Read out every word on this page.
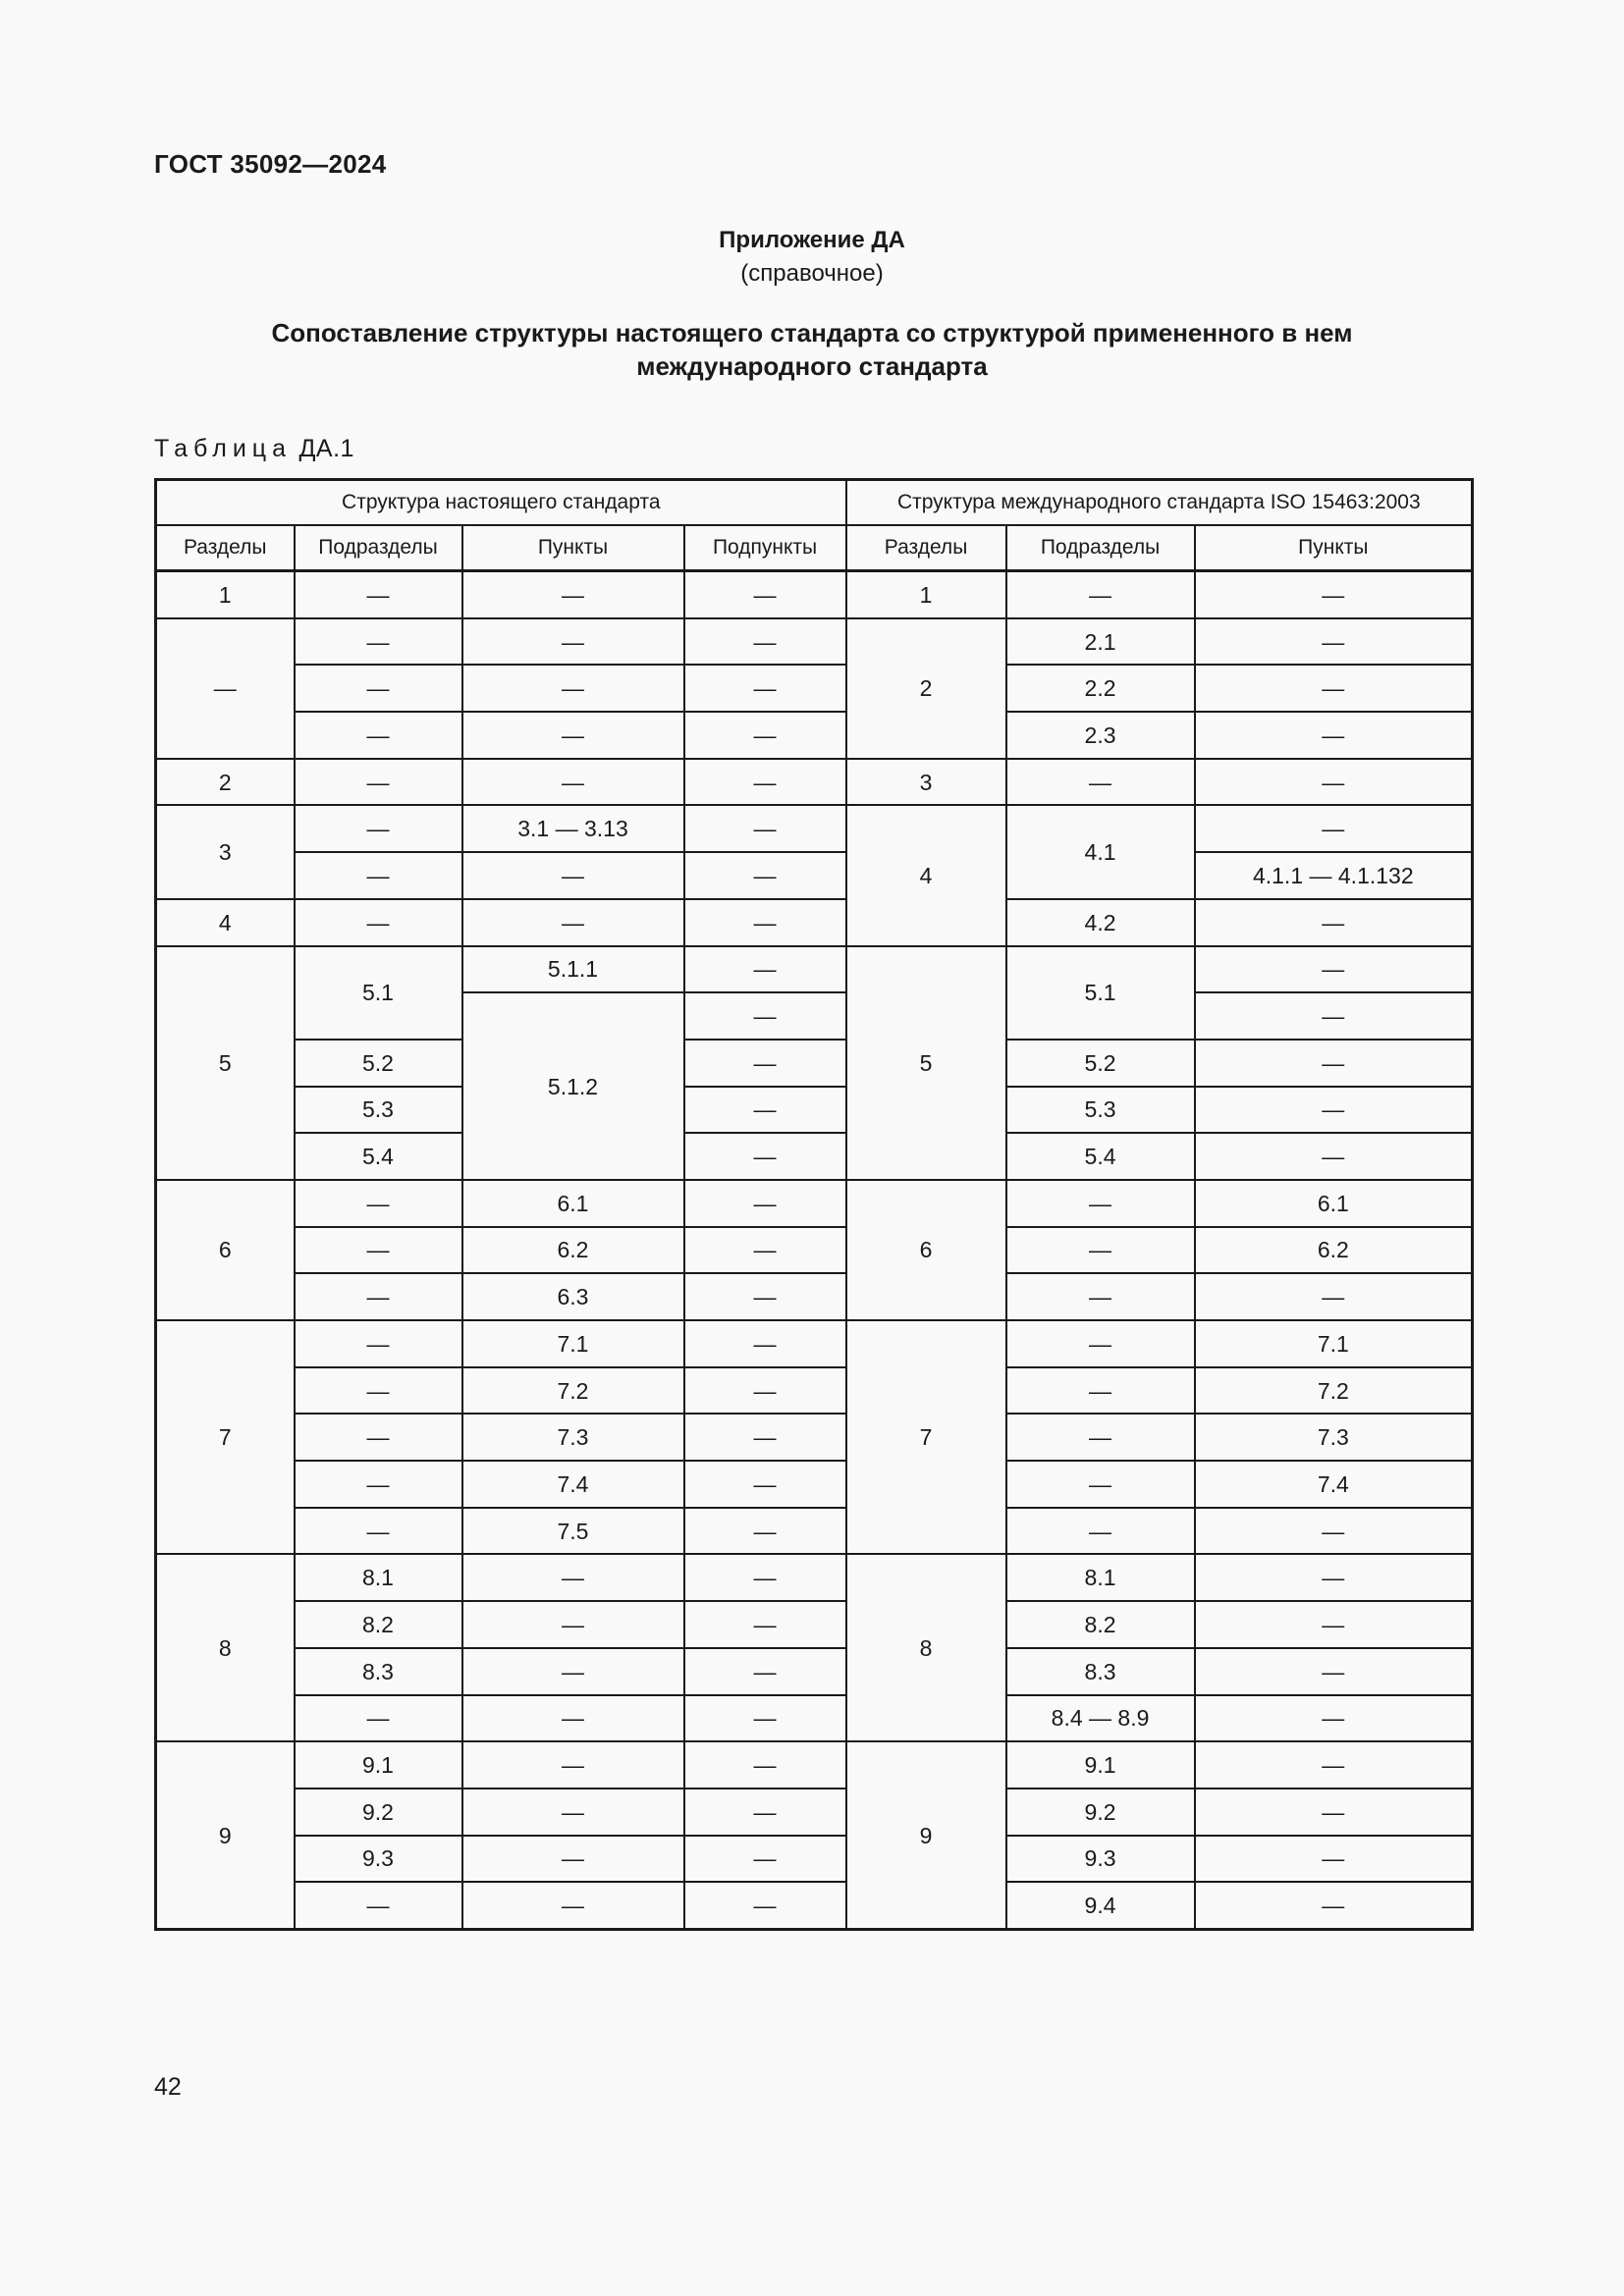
ГОСТ 35092—2024
Приложение ДА
(справочное)
Сопоставление структуры настоящего стандарта со структурой примененного в нем
международного стандарта
Таблица ДА.1
Структура настоящего стандарта				Структура международного стандарта ISO 15463:2003		
Разделы	Подразделы	Пункты	Подпункты	Разделы	Подразделы	Пункты
1	—	—	—	1	—	—
—	—	—	—	2	2.1	—
	—	—	—		2.2	—
	—	—	—		2.3	—
2	—	—	—	3	—	—
3	—	3.1 — 3.13	—	4	4.1	—
	—	—	—			4.1.1 — 4.1.132
4	—	—	—		4.2	—
5	5.1	5.1.1	—	5	5.1	—
		5.1.2	—			—
	5.2		—		5.2	—
	5.3		—		5.3	—
	5.4		—		5.4	—
6	—	6.1	—	6	—	6.1
	—	6.2	—		—	6.2
	—	6.3	—		—	—
7	—	7.1	—	7	—	7.1
	—	7.2	—		—	7.2
	—	7.3	—		—	7.3
	—	7.4	—		—	7.4
	—	7.5	—		—	—
8	8.1	—	—	8	8.1	—
	8.2	—	—		8.2	—
	8.3	—	—		8.3	—
	—	—	—		8.4 — 8.9	—
9	9.1	—	—	9	9.1	—
	9.2	—	—		9.2	—
	9.3	—	—		9.3	—
	—	—	—		9.4	—
42
